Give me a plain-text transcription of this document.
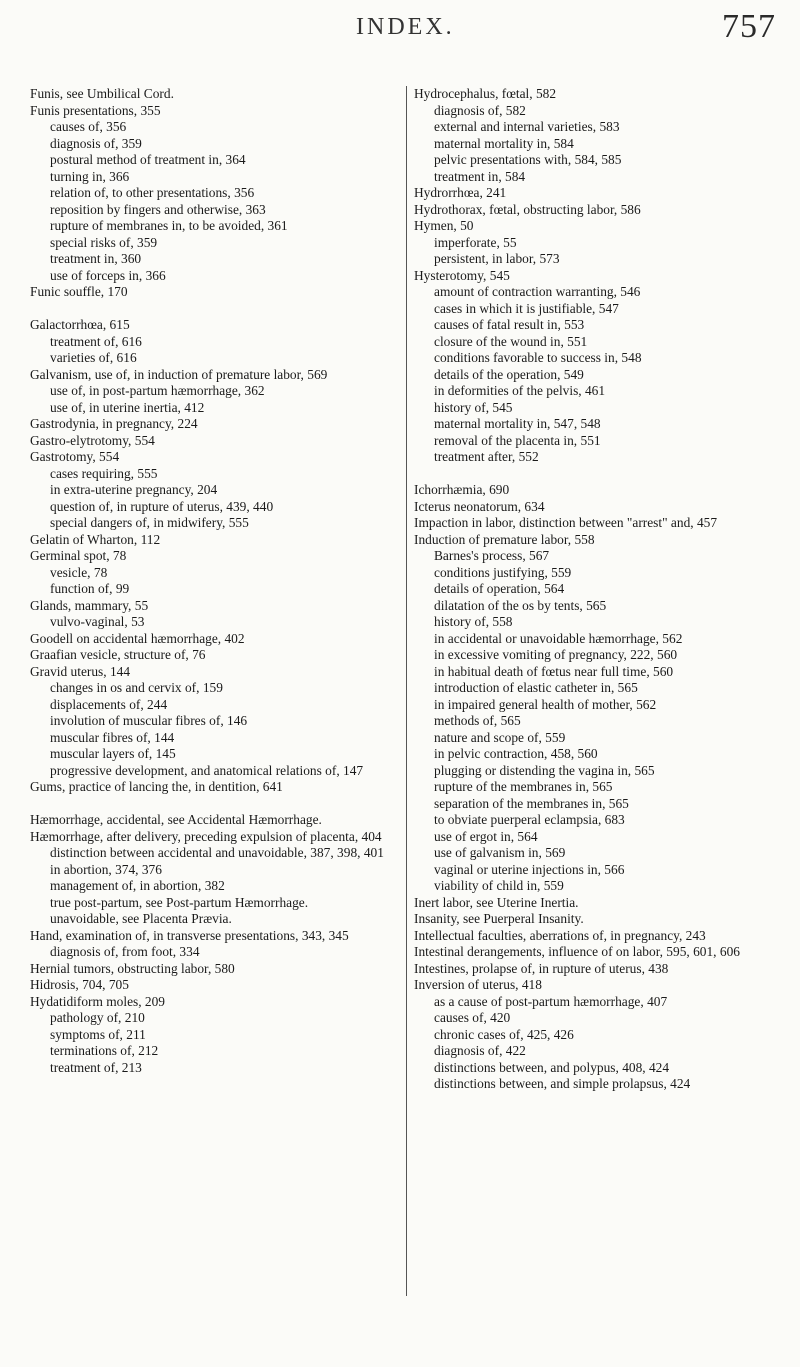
INDEX.	757
Funis, see Umbilical Cord.
Funis presentations, 355
causes of, 356
diagnosis of, 359
postural method of treatment in, 364
turning in, 366
relation of, to other presentations, 356
reposition by fingers and otherwise, 363
rupture of membranes in, to be avoided, 361
special risks of, 359
treatment in, 360
use of forceps in, 366
Funic souffle, 170
Galactorrhœa, 615
treatment of, 616
varieties of, 616
Galvanism, use of, in induction of premature labor, 569
use of, in post-partum hæmorrhage, 362
use of, in uterine inertia, 412
Gastrodynia, in pregnancy, 224
Gastro-elytrotomy, 554
Gastrotomy, 554
cases requiring, 555
in extra-uterine pregnancy, 204
question of, in rupture of uterus, 439, 440
special dangers of, in midwifery, 555
Gelatin of Wharton, 112
Germinal spot, 78
vesicle, 78
function of, 99
Glands, mammary, 55
vulvo-vaginal, 53
Goodell on accidental hæmorrhage, 402
Graafian vesicle, structure of, 76
Gravid uterus, 144
changes in os and cervix of, 159
displacements of, 244
involution of muscular fibres of, 146
muscular fibres of, 144
muscular layers of, 145
progressive development, and anatomical relations of, 147
Gums, practice of lancing the, in dentition, 641
Hæmorrhage, accidental, see Accidental Hæmorrhage.
Hæmorrhage, after delivery, preceding expulsion of placenta, 404
distinction between accidental and unavoidable, 387, 398, 401
in abortion, 374, 376
management of, in abortion, 382
true post-partum, see Post-partum Hæmorrhage.
unavoidable, see Placenta Prævia.
Hand, examination of, in transverse presentations, 343, 345
diagnosis of, from foot, 334
Hernial tumors, obstructing labor, 580
Hidrosis, 704, 705
Hydatidiform moles, 209
pathology of, 210
symptoms of, 211
terminations of, 212
treatment of, 213
Hydrocephalus, fœtal, 582
diagnosis of, 582
external and internal varieties, 583
maternal mortality in, 584
pelvic presentations with, 584, 585
treatment in, 584
Hydrorrhœa, 241
Hydrothorax, fœtal, obstructing labor, 586
Hymen, 50
imperforate, 55
persistent, in labor, 573
Hysterotomy, 545
amount of contraction warranting, 546
cases in which it is justifiable, 547
causes of fatal result in, 553
closure of the wound in, 551
conditions favorable to success in, 548
details of the operation, 549
in deformities of the pelvis, 461
history of, 545
maternal mortality in, 547, 548
removal of the placenta in, 551
treatment after, 552
Ichorrhæmia, 690
Icterus neonatorum, 634
Impaction in labor, distinction between "arrest" and, 457
Induction of premature labor, 558
Barnes's process, 567
conditions justifying, 559
details of operation, 564
dilatation of the os by tents, 565
history of, 558
in accidental or unavoidable hæmorrhage, 562
in excessive vomiting of pregnancy, 222, 560
in habitual death of fœtus near full time, 560
introduction of elastic catheter in, 565
in impaired general health of mother, 562
methods of, 565
nature and scope of, 559
in pelvic contraction, 458, 560
plugging or distending the vagina in, 565
rupture of the membranes in, 565
separation of the membranes in, 565
to obviate puerperal eclampsia, 683
use of ergot in, 564
use of galvanism in, 569
vaginal or uterine injections in, 566
viability of child in, 559
Inert labor, see Uterine Inertia.
Insanity, see Puerperal Insanity.
Intellectual faculties, aberrations of, in pregnancy, 243
Intestinal derangements, influence of on labor, 595, 601, 606
Intestines, prolapse of, in rupture of uterus, 438
Inversion of uterus, 418
as a cause of post-partum hæmorrhage, 407
causes of, 420
chronic cases of, 425, 426
diagnosis of, 422
distinctions between, and polypus, 408, 424
distinctions between, and simple prolapsus, 424
